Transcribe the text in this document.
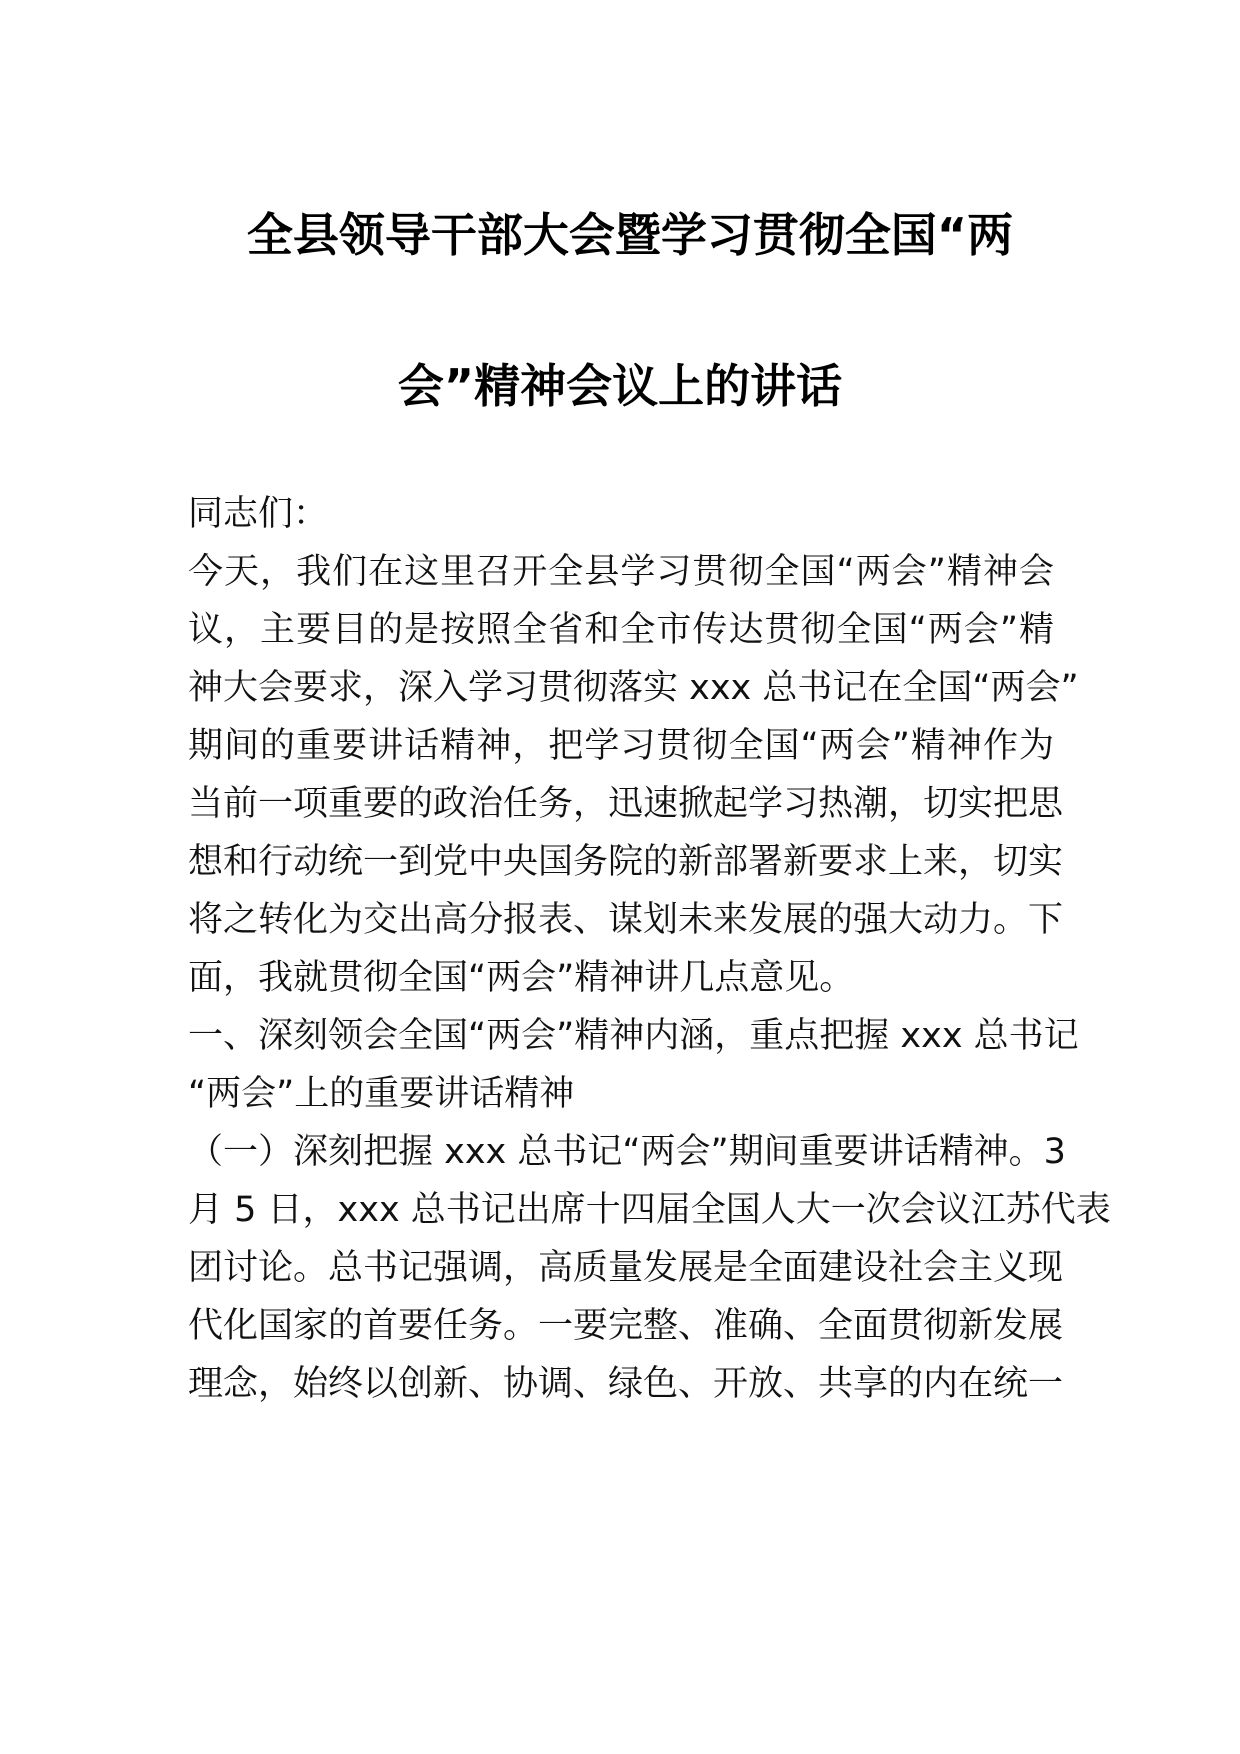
全县领导干部大会暨学习贯彻全国“两
会”精神会议上的讲话
同志们：
今天，我们在这里召开全县学习贯彻全国“两会”精神会
议，主要目的是按照全省和全市传达贯彻全国“两会”精
神大会要求，深入学习贯彻落实 xxx 总书记在全国“两会”
期间的重要讲话精神，把学习贯彻全国“两会”精神作为
当前一项重要的政治任务，迅速掀起学习热潮，切实把思
想和行动统一到党中央国务院的新部署新要求上来，切实
将之转化为交出高分报表、谋划未来发展的强大动力。下
面，我就贯彻全国“两会”精神讲几点意见。
一、深刻领会全国“两会”精神内涵，重点把握 xxx 总书记
“两会”上的重要讲话精神
（一）深刻把握 xxx 总书记“两会”期间重要讲话精神。3
月 5 日，xxx 总书记出席十四届全国人大一次会议江苏代表
团讨论。总书记强调，高质量发展是全面建设社会主义现
代化国家的首要任务。一要完整、准确、全面贯彻新发展
理念，始终以创新、协调、绿色、开放、共享的内在统一
